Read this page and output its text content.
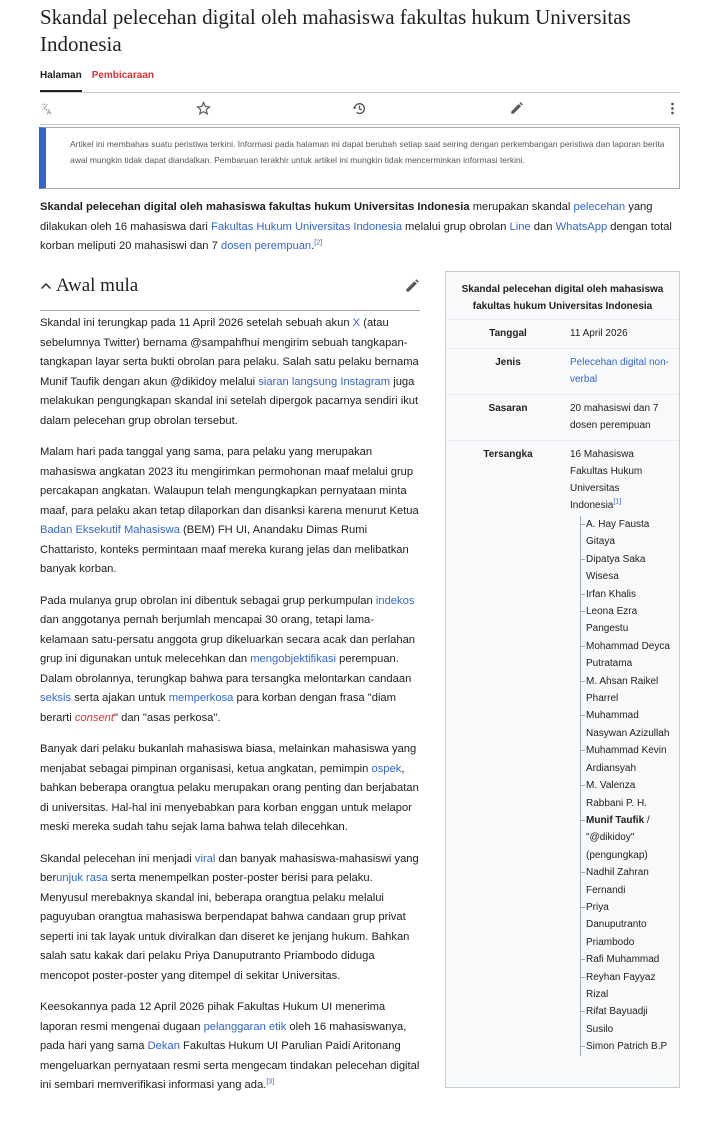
Skandal pelecehan digital oleh mahasiswa fakultas hukum Universitas Indonesia
Halaman Pembicaraan
文
A

Artikel ini membahas suatu peristiwa terkini. Informasi pada halaman ini dapat berubah setiap saat seiring dengan perkembangan peristiwa dan laporan berita awal mungkin tidak dapat diandalkan. Pembaruan terakhir untuk artikel ini mungkin tidak mencerminkan informasi terkini.

Skandal pelecehan digital oleh mahasiswa fakultas hukum Universitas Indonesia merupakan skandal pelecehan yang dilakukan oleh 16 mahasiswa dari Fakultas Hukum Universitas Indonesia melalui grup obrolan Line dan WhatsApp dengan total korban meliputi 20 mahasiswi dan 7 dosen perempuan.[2]

Awal mula

Skandal ini terungkap pada 11 April 2026 setelah sebuah akun X (atau sebelumnya Twitter) bernama @sampahfhui mengirim sebuah tangkapan-tangkapan layar serta bukti obrolan para pelaku. Salah satu pelaku bernama Munif Taufik dengan akun @dikidoy melalui siaran langsung Instagram juga melakukan pengungkapan skandal ini setelah dipergok pacarnya sendiri ikut dalam pelecehan grup obrolan tersebut.

Malam hari pada tanggal yang sama, para pelaku yang merupakan mahasiswa angkatan 2023 itu mengirimkan permohonan maaf melalui grup percakapan angkatan. Walaupun telah mengungkapkan pernyataan minta maaf, para pelaku akan tetap dilaporkan dan disanksi karena menurut Ketua Badan Eksekutif Mahasiswa (BEM) FH UI, Anandaku Dimas Rumi Chattaristo, konteks permintaan maaf mereka kurang jelas dan melibatkan banyak korban.

Pada mulanya grup obrolan ini dibentuk sebagai grup perkumpulan indekos dan anggotanya pernah berjumlah mencapai 30 orang, tetapi lama-kelamaan satu-persatu anggota grup dikeluarkan secara acak dan perlahan grup ini digunakan untuk melecehkan dan mengobjektifikasi perempuan. Dalam obrolannya, terungkap bahwa para tersangka melontarkan candaan seksis serta ajakan untuk memperkosa para korban dengan frasa "diam berarti consent" dan "asas perkosa".

Banyak dari pelaku bukanlah mahasiswa biasa, melainkan mahasiswa yang menjabat sebagai pimpinan organisasi, ketua angkatan, pemimpin ospek, bahkan beberapa orangtua pelaku merupakan orang penting dan berjabatan di universitas. Hal-hal ini menyebabkan para korban enggan untuk melapor meski mereka sudah tahu sejak lama bahwa telah dilecehkan.

Skandal pelecehan ini menjadi viral dan banyak mahasiswa-mahasiswi yang berunjuk rasa serta menempelkan poster-poster berisi para pelaku. Menyusul merebaknya skandal ini, beberapa orangtua pelaku melalui paguyuban orangtua mahasiswa berpendapat bahwa candaan grup privat seperti ini tak layak untuk diviralkan dan diseret ke jenjang hukum. Bahkan salah satu kakak dari pelaku Priya Danuputranto Priambodo diduga mencopot poster-poster yang ditempel di sekitar Universitas.

Keesokannya pada 12 April 2026 pihak Fakultas Hukum UI menerima laporan resmi mengenai dugaan pelanggaran etik oleh 16 mahasiswanya, pada hari yang sama Dekan Fakultas Hukum UI Parulian Paidi Aritonang mengeluarkan pernyataan resmi serta mengecam tindakan pelecehan digital ini sembari memverifikasi informasi yang ada.[3]

Skandal pelecehan digital oleh mahasiswa fakultas hukum Universitas Indonesia
Tanggal	11 April 2026
Jenis	Pelecehan digital non-verbal
Sasaran	20 mahasiswi dan 7 dosen perempuan
Tersangka	16 Mahasiswa Fakultas Hukum Universitas Indonesia[1]
A. Hay Fausta Gitaya
Dipatya Saka Wisesa
Irfan Khalis
Leona Ezra Pangestu
Mohammad Deyca Putratama
M. Ahsan Raikel Pharrel
Muhammad Nasywan Azizullah
Muhammad Kevin Ardiansyah
M. Valenza Rabbani P. H.
Munif Taufik / "@dikidoy" (pengungkap)
Nadhil Zahran Fernandi
Priya Danuputranto Priambodo
Rafi Muhammad
Reyhan Fayyaz Rizal
Rifat Bayuadji Susilo
Simon Patrich B.P
